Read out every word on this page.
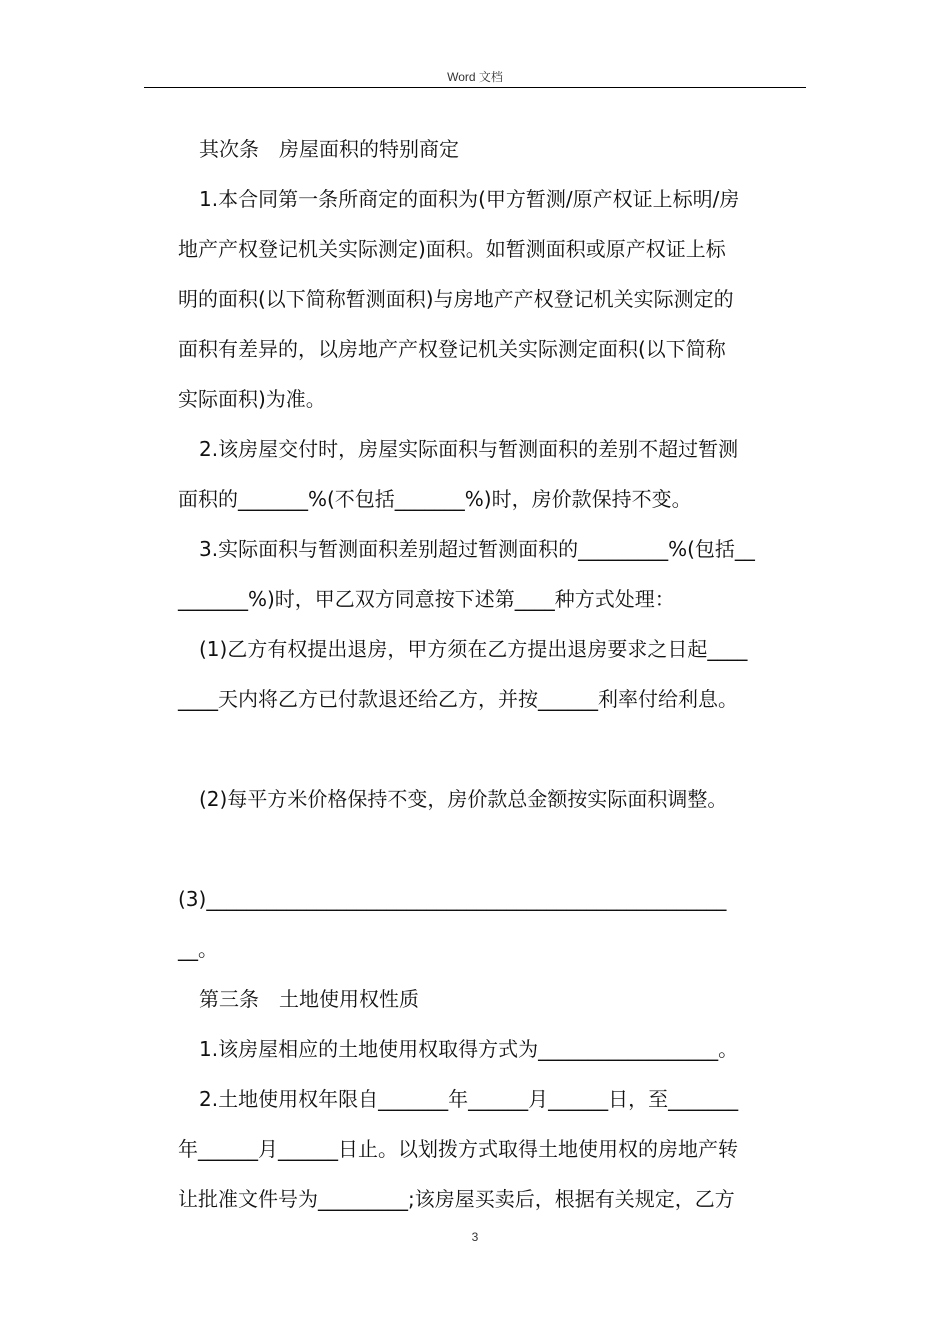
Word 文档
其次条　房屋面积的特别商定
1.本合同第一条所商定的面积为(甲方暂测/原产权证上标明/房
地产产权登记机关实际测定)面积。如暂测面积或原产权证上标
明的面积(以下简称暂测面积)与房地产产权登记机关实际测定的
面积有差异的，以房地产产权登记机关实际测定面积(以下简称
实际面积)为准。
2.该房屋交付时，房屋实际面积与暂测面积的差别不超过暂测
面积的_______%(不包括_______%)时，房价款保持不变。
3.实际面积与暂测面积差别超过暂测面积的_________%(包括__
_______%)时，甲乙双方同意按下述第____种方式处理：
(1)乙方有权提出退房，甲方须在乙方提出退房要求之日起____
____天内将乙方已付款退还给乙方，并按______利率付给利息。
(2)每平方米价格保持不变，房价款总金额按实际面积调整。
(3)____________________________________________________
__。
第三条　土地使用权性质
1.该房屋相应的土地使用权取得方式为__________________。
2.土地使用权年限自_______年______月______日，至_______
年______月______日止。以划拨方式取得土地使用权的房地产转
让批准文件号为_________;该房屋买卖后，根据有关规定，乙方
3
